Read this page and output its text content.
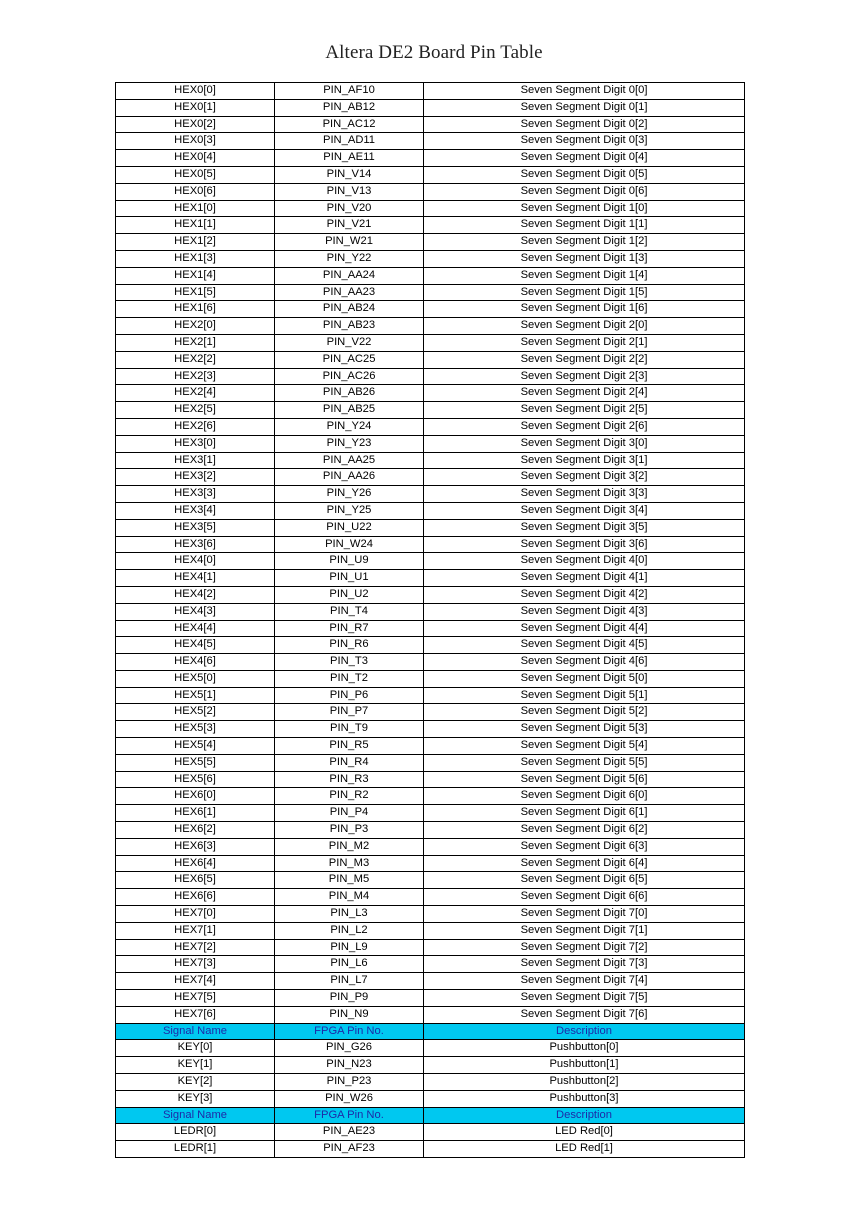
Altera DE2 Board Pin Table
HEX0[0]	PIN_AF10	Seven Segment Digit 0[0]
HEX0[1]	PIN_AB12	Seven Segment Digit 0[1]
HEX0[2]	PIN_AC12	Seven Segment Digit 0[2]
HEX0[3]	PIN_AD11	Seven Segment Digit 0[3]
HEX0[4]	PIN_AE11	Seven Segment Digit 0[4]
HEX0[5]	PIN_V14	Seven Segment Digit 0[5]
HEX0[6]	PIN_V13	Seven Segment Digit 0[6]
HEX1[0]	PIN_V20	Seven Segment Digit 1[0]
HEX1[1]	PIN_V21	Seven Segment Digit 1[1]
HEX1[2]	PIN_W21	Seven Segment Digit 1[2]
HEX1[3]	PIN_Y22	Seven Segment Digit 1[3]
HEX1[4]	PIN_AA24	Seven Segment Digit 1[4]
HEX1[5]	PIN_AA23	Seven Segment Digit 1[5]
HEX1[6]	PIN_AB24	Seven Segment Digit 1[6]
HEX2[0]	PIN_AB23	Seven Segment Digit 2[0]
HEX2[1]	PIN_V22	Seven Segment Digit 2[1]
HEX2[2]	PIN_AC25	Seven Segment Digit 2[2]
HEX2[3]	PIN_AC26	Seven Segment Digit 2[3]
HEX2[4]	PIN_AB26	Seven Segment Digit 2[4]
HEX2[5]	PIN_AB25	Seven Segment Digit 2[5]
HEX2[6]	PIN_Y24	Seven Segment Digit 2[6]
HEX3[0]	PIN_Y23	Seven Segment Digit 3[0]
HEX3[1]	PIN_AA25	Seven Segment Digit 3[1]
HEX3[2]	PIN_AA26	Seven Segment Digit 3[2]
HEX3[3]	PIN_Y26	Seven Segment Digit 3[3]
HEX3[4]	PIN_Y25	Seven Segment Digit 3[4]
HEX3[5]	PIN_U22	Seven Segment Digit 3[5]
HEX3[6]	PIN_W24	Seven Segment Digit 3[6]
HEX4[0]	PIN_U9	Seven Segment Digit 4[0]
HEX4[1]	PIN_U1	Seven Segment Digit 4[1]
HEX4[2]	PIN_U2	Seven Segment Digit 4[2]
HEX4[3]	PIN_T4	Seven Segment Digit 4[3]
HEX4[4]	PIN_R7	Seven Segment Digit 4[4]
HEX4[5]	PIN_R6	Seven Segment Digit 4[5]
HEX4[6]	PIN_T3	Seven Segment Digit 4[6]
HEX5[0]	PIN_T2	Seven Segment Digit 5[0]
HEX5[1]	PIN_P6	Seven Segment Digit 5[1]
HEX5[2]	PIN_P7	Seven Segment Digit 5[2]
HEX5[3]	PIN_T9	Seven Segment Digit 5[3]
HEX5[4]	PIN_R5	Seven Segment Digit 5[4]
HEX5[5]	PIN_R4	Seven Segment Digit 5[5]
HEX5[6]	PIN_R3	Seven Segment Digit 5[6]
HEX6[0]	PIN_R2	Seven Segment Digit 6[0]
HEX6[1]	PIN_P4	Seven Segment Digit 6[1]
HEX6[2]	PIN_P3	Seven Segment Digit 6[2]
HEX6[3]	PIN_M2	Seven Segment Digit 6[3]
HEX6[4]	PIN_M3	Seven Segment Digit 6[4]
HEX6[5]	PIN_M5	Seven Segment Digit 6[5]
HEX6[6]	PIN_M4	Seven Segment Digit 6[6]
HEX7[0]	PIN_L3	Seven Segment Digit 7[0]
HEX7[1]	PIN_L2	Seven Segment Digit 7[1]
HEX7[2]	PIN_L9	Seven Segment Digit 7[2]
HEX7[3]	PIN_L6	Seven Segment Digit 7[3]
HEX7[4]	PIN_L7	Seven Segment Digit 7[4]
HEX7[5]	PIN_P9	Seven Segment Digit 7[5]
HEX7[6]	PIN_N9	Seven Segment Digit 7[6]
Signal Name	FPGA Pin No.	Description
KEY[0]	PIN_G26	Pushbutton[0]
KEY[1]	PIN_N23	Pushbutton[1]
KEY[2]	PIN_P23	Pushbutton[2]
KEY[3]	PIN_W26	Pushbutton[3]
Signal Name	FPGA Pin No.	Description
LEDR[0]	PIN_AE23	LED Red[0]
LEDR[1]	PIN_AF23	LED Red[1]
